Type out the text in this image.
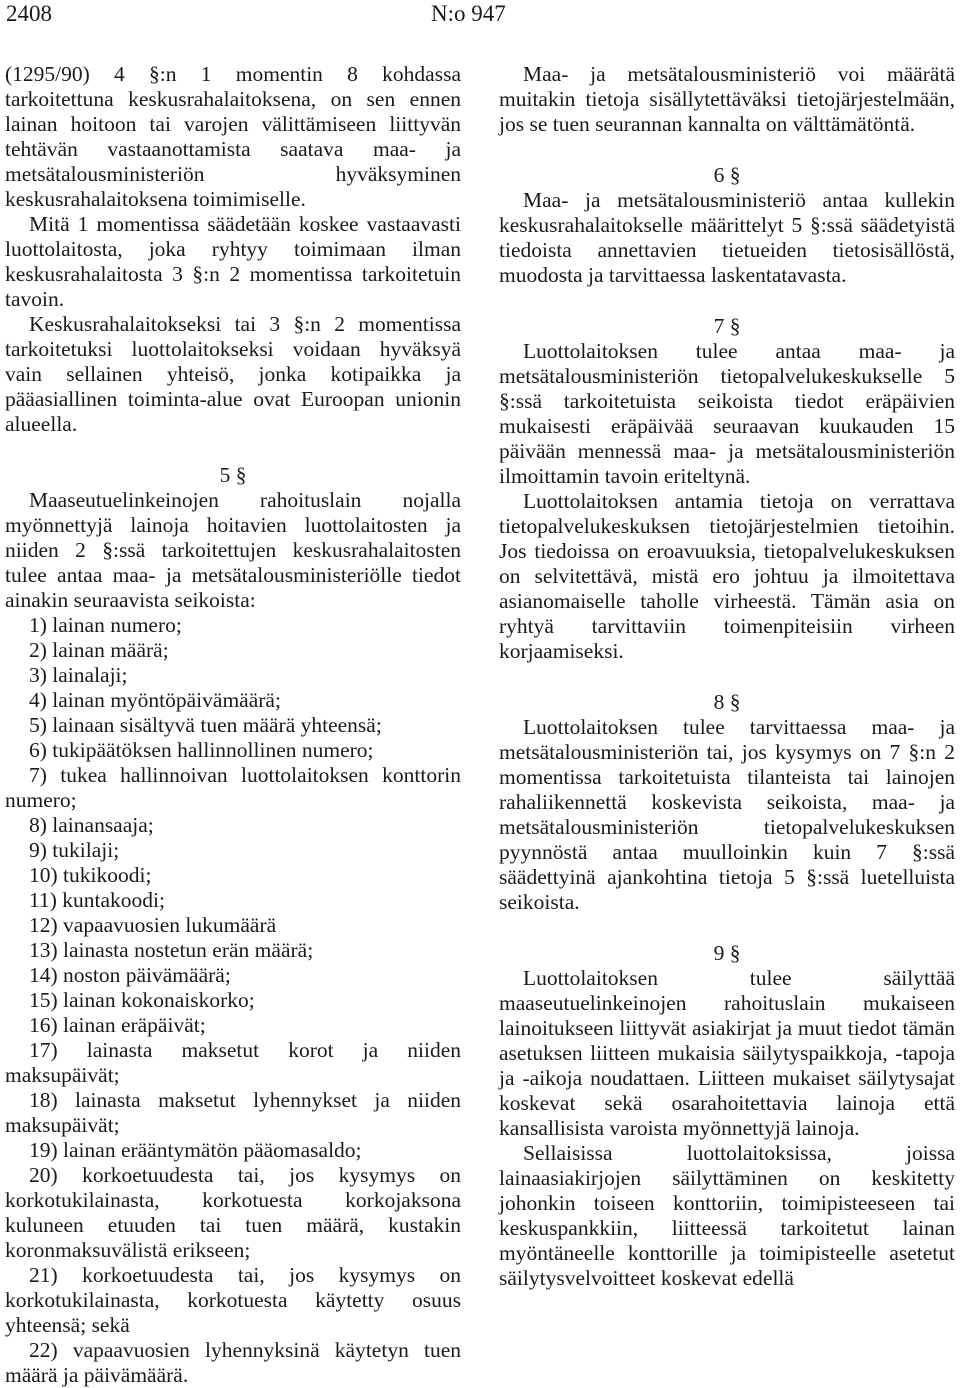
2408	N:o 947

(1295/90) 4 §:n 1 momentin 8 kohdassa tarkoitettuna keskusrahalaitoksena, on sen ennen lainan hoitoon tai varojen välittämiseen liittyvän tehtävän vastaanottamista saatava maa- ja metsätalousministeriön hyväksyminen keskusrahalaitoksena toimimiselle.

Mitä 1 momentissa säädetään koskee vastaavasti luottolaitosta, joka ryhtyy toimimaan ilman keskusrahalaitosta 3 §:n 2 momentissa tarkoitetuin tavoin.

Keskusrahalaitokseksi tai 3 §:n 2 momentissa tarkoitetuksi luottolaitokseksi voidaan hyväksyä vain sellainen yhteisö, jonka kotipaikka ja pääasiallinen toiminta-alue ovat Euroopan unionin alueella.

5 §

Maaseutuelinkeinojen rahoituslain nojalla myönnettyjä lainoja hoitavien luottolaitosten ja niiden 2 §:ssä tarkoitettujen keskusrahalaitosten tulee antaa maa- ja metsätalousministeriölle tiedot ainakin seuraavista seikoista:

1) lainan numero;

2) lainan määrä;

3) lainalaji;

4) lainan myöntöpäivämäärä;

5) lainaan sisältyvä tuen määrä yhteensä;

6) tukipäätöksen hallinnollinen numero;

7) tukea hallinnoivan luottolaitoksen konttorin numero;

8) lainansaaja;

9) tukilaji;

10) tukikoodi;

11) kuntakoodi;

12) vapaavuosien lukumäärä

13) lainasta nostetun erän määrä;

14) noston päivämäärä;

15) lainan kokonaiskorko;

16) lainan eräpäivät;

17) lainasta maksetut korot ja niiden maksupäivät;

18) lainasta maksetut lyhennykset ja niiden maksupäivät;

19) lainan erääntymätön pääomasaldo;

20) korkoetuudesta tai, jos kysymys on korkotukilainasta, korkotuesta korkojaksona kuluneen etuuden tai tuen määrä, kustakin koronmaksuvälistä erikseen;

21) korkoetuudesta tai, jos kysymys on korkotukilainasta, korkotuesta käytetty osuus yhteensä; sekä

22) vapaavuosien lyhennyksinä käytetyn tuen määrä ja päivämäärä.

Maa- ja metsätalousministeriö voi määrätä muitakin tietoja sisällytettäväksi tietojärjestelmään, jos se tuen seurannan kannalta on välttämätöntä.

6 §

Maa- ja metsätalousministeriö antaa kullekin keskusrahalaitokselle määrittelyt 5 §:ssä säädetyistä tiedoista annettavien tietueiden tietosisällöstä, muodosta ja tarvittaessa laskentatavasta.

7 §

Luottolaitoksen tulee antaa maa- ja metsätalousministeriön tietopalvelukeskukselle 5 §:ssä tarkoitetuista seikoista tiedot eräpäivien mukaisesti eräpäivää seuraavan kuukauden 15 päivään mennessä maa- ja metsätalousministeriön ilmoittamin tavoin eriteltynä.

Luottolaitoksen antamia tietoja on verrattava tietopalvelukeskuksen tietojärjestelmien tietoihin. Jos tiedoissa on eroavuuksia, tietopalvelukeskuksen on selvitettävä, mistä ero johtuu ja ilmoitettava asianomaiselle taholle virheestä. Tämän asia on ryhtyä tarvittaviin toimenpiteisiin virheen korjaamiseksi.

8 §

Luottolaitoksen tulee tarvittaessa maa- ja metsätalousministeriön tai, jos kysymys on 7 §:n 2 momentissa tarkoitetuista tilanteista tai lainojen rahaliikennettä koskevista seikoista, maa- ja metsätalousministeriön tietopalvelukeskuksen pyynnöstä antaa muulloinkin kuin 7 §:ssä säädettyinä ajankohtina tietoja 5 §:ssä luetelluista seikoista.

9 §

Luottolaitoksen tulee säilyttää maaseutuelinkeinojen rahoituslain mukaiseen lainoitukseen liittyvät asiakirjat ja muut tiedot tämän asetuksen liitteen mukaisia säilytyspaikkoja, -tapoja ja -aikoja noudattaen. Liitteen mukaiset säilytysajat koskevat sekä osarahoitettavia lainoja että kansallisista varoista myönnettyjä lainoja.

Sellaisissa luottolaitoksissa, joissa lainaasiakirjojen säilyttäminen on keskitetty johonkin toiseen konttoriin, toimipisteeseen tai keskuspankkiin, liitteessä tarkoitetut lainan myöntäneelle konttorille ja toimipisteelle asetetut säilytysvelvoitteet koskevat edellä
